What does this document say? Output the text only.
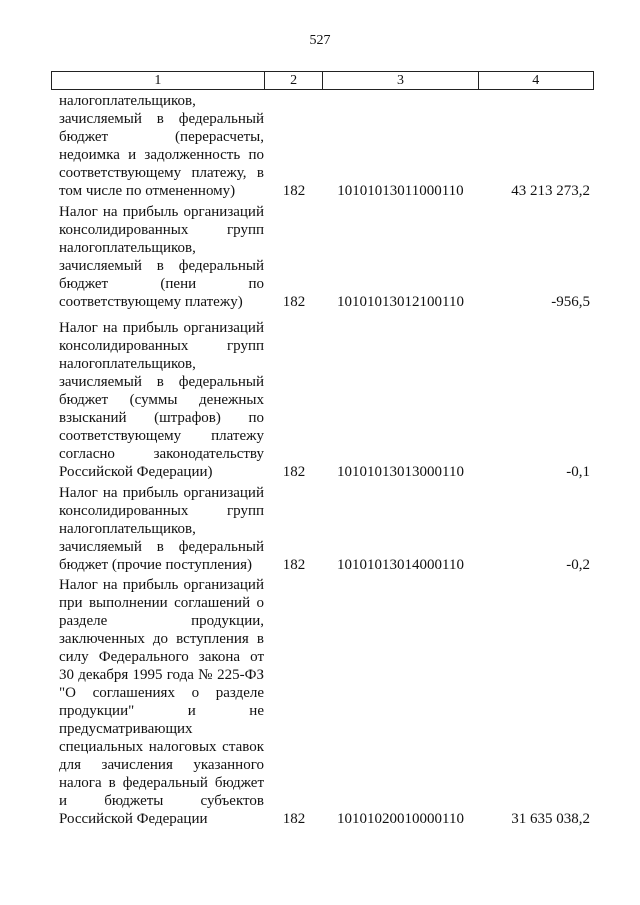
527
1	2	3	4
налогоплательщиков,
зачисляемый в федеральный
бюджет (перерасчеты,
недоимка и задолженность по
соответствующему платежу, в
том числе по отмененному)	182	10101013011000110	43 213 273,2
Налог на прибыль организаций
консолидированных групп
налогоплательщиков,
зачисляемый в федеральный
бюджет (пени по
соответствующему платежу)	182	10101013012100110	-956,5
Налог на прибыль организаций
консолидированных групп
налогоплательщиков,
зачисляемый в федеральный
бюджет (суммы денежных
взысканий (штрафов) по
соответствующему платежу
согласно законодательству
Российской Федерации)	182	10101013013000110	-0,1
Налог на прибыль организаций
консолидированных групп
налогоплательщиков,
зачисляемый в федеральный
бюджет (прочие поступления)	182	10101013014000110	-0,2
Налог на прибыль организаций
при выполнении соглашений о
разделе продукции,
заключенных до вступления в
силу Федерального закона от
30 декабря 1995 года № 225-ФЗ
"О соглашениях о разделе
продукции" и не
предусматривающих
специальных налоговых ставок
для зачисления указанного
налога в федеральный бюджет
и бюджеты субъектов
Российской Федерации	182	10101020010000110	31 635 038,2
